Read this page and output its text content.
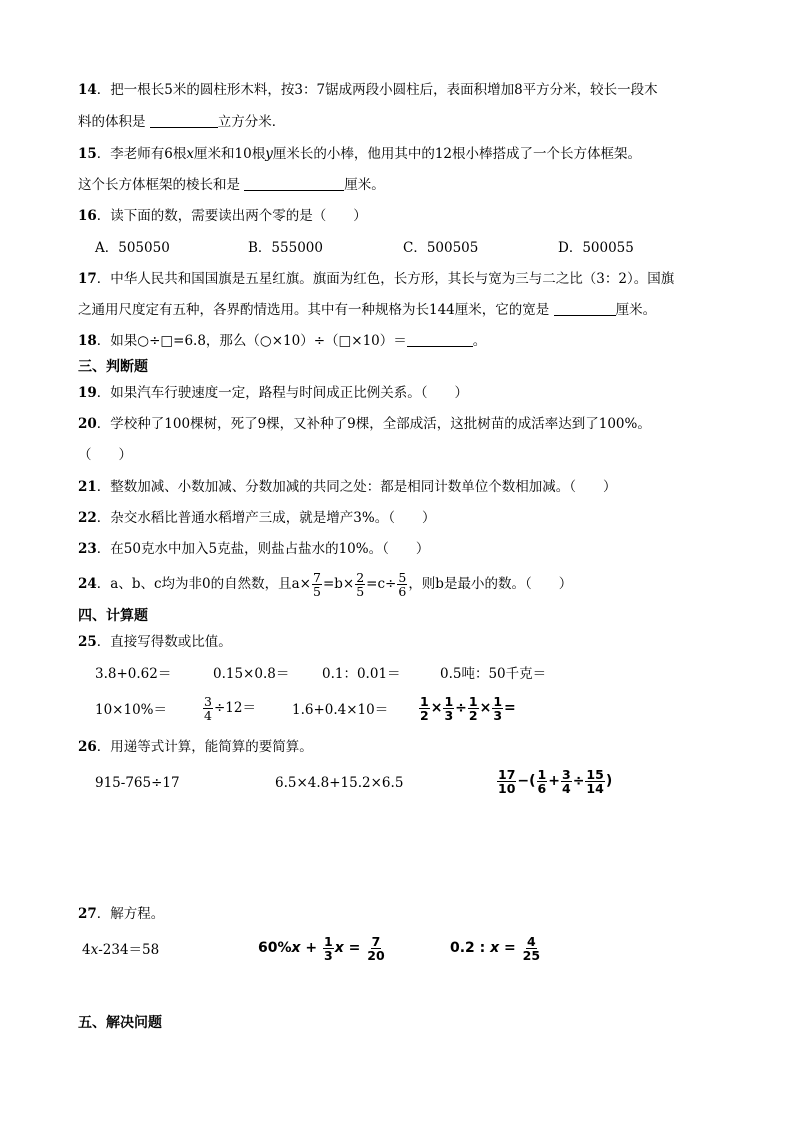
14．把一根长5米的圆柱形木料，按3：7锯成两段小圆柱后，表面积增加8平方分米，较长一段木
料的体积是	立方分米．
15．李老师有6根x厘米和10根y厘米长的小棒，他用其中的12根小棒搭成了一个长方体框架。
这个长方体框架的棱长和是	厘米。
16．读下面的数，需要读出两个零的是（　　）
A．505050	B．555000	C．500505	D．500055
17．中华人民共和国国旗是五星红旗。旗面为红色，长方形，其长与宽为三与二之比（3：2）。国旗
之通用尺度定有五种，各界酌情选用。其中有一种规格为长144厘米，它的宽是	厘米。
18．如果○÷□=6.8，那么（○×10）÷（□×10）＝	。
三、判断题
19．如果汽车行驶速度一定，路程与时间成正比例关系。（　　）
20．学校种了100棵树，死了9棵，又补种了9棵，全部成活，这批树苗的成活率达到了100%。
（　　）
21．整数加减、小数加减、分数加减的共同之处：都是相同计数单位个数相加减。（　　）
22．杂交水稻比普通水稻增产三成，就是增产3%。（　　）
23．在50克水中加入5克盐，则盐占盐水的10%。（　　）
24．a、b、c均为非0的自然数，且$a\times \frac{7}{5} =b\times \frac{2}{5} =c\div \frac{5}{6}$ ，则b是最小的数。（　　）
四、计算题
25．直接写得数或比值。
3.8+0.62＝	0.15×0.8＝ 0.1：0.01＝	0.5吨：50千克＝
10×10%＝	$\frac{3}{4} \div 12=$	$1.6+0.4\times 10= \frac{1}{2} \times \frac{1}{3} \div \frac{1}{2} \times \frac{1}{3}$ =
26．用递等式计算，能简算的要简算。
915-765÷17	6.5×4.8+15.2×6.5	$\frac{17}{10}$ −( $\frac{1}{6} + \frac{3}{4} \div \frac{15}{14}$ )
27．解方程。
4x-234＝58	$60\%x + \frac{1}{3}$ $x = \frac{7}{20}$	0.2 : $x = \frac{4}{25}$
五、解决问题
